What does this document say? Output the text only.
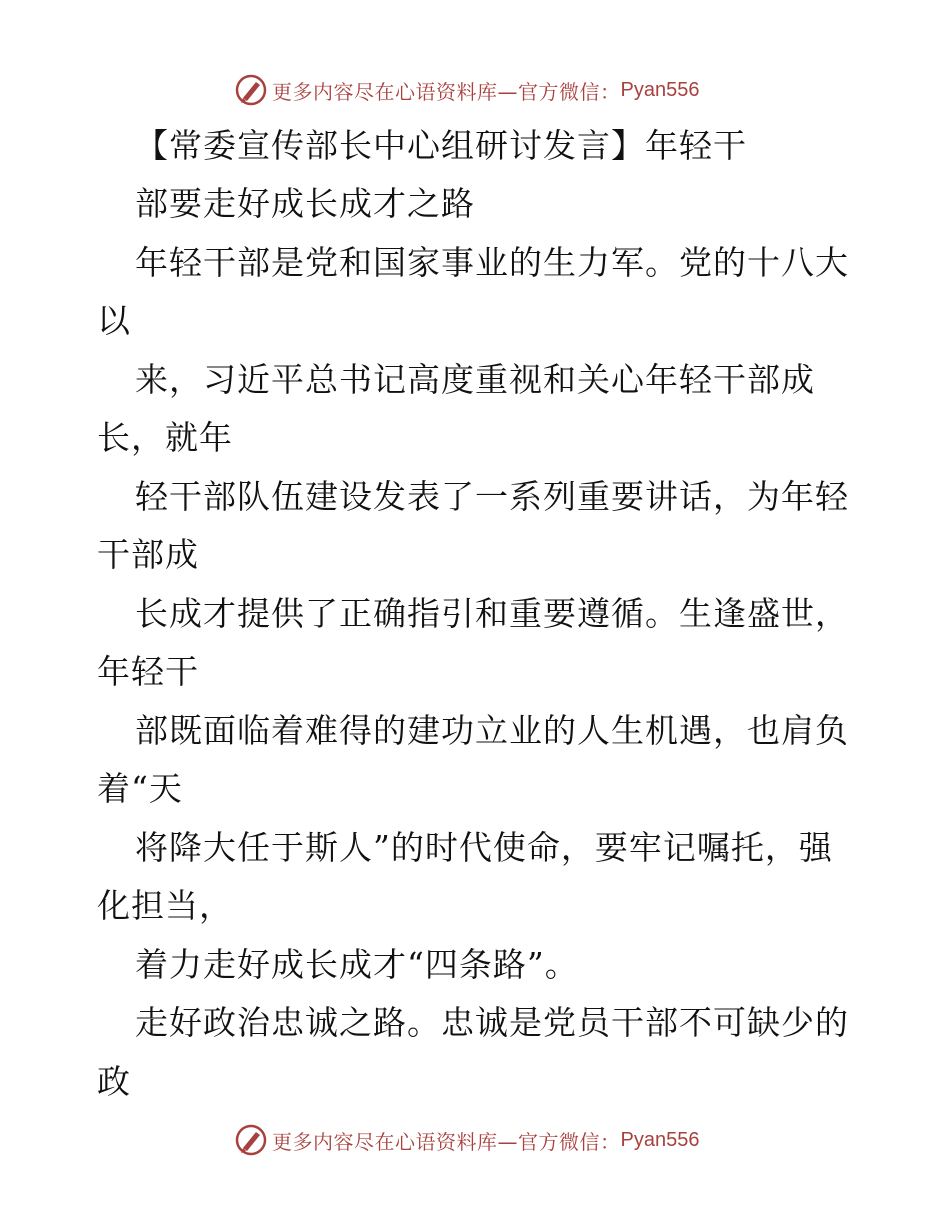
更多内容尽在心语资料库—官方微信： Pyan556
【常委宣传部长中心组研讨发言】年轻干
部要走好成长成才之路
年轻干部是党和国家事业的生力军。党的十八大
以
来，习近平总书记高度重视和关心年轻干部成
长，就年
轻干部队伍建设发表了一系列重要讲话，为年轻
干部成
长成才提供了正确指引和重要遵循。生逢盛世，
年轻干
部既面临着难得的建功立业的人生机遇，也肩负
着“天
将降大任于斯人”的时代使命，要牢记嘱托，强
化担当，
着力走好成长成才“四条路”。
走好政治忠诚之路。忠诚是党员干部不可缺少的
政
更多内容尽在心语资料库—官方微信： Pyan556
